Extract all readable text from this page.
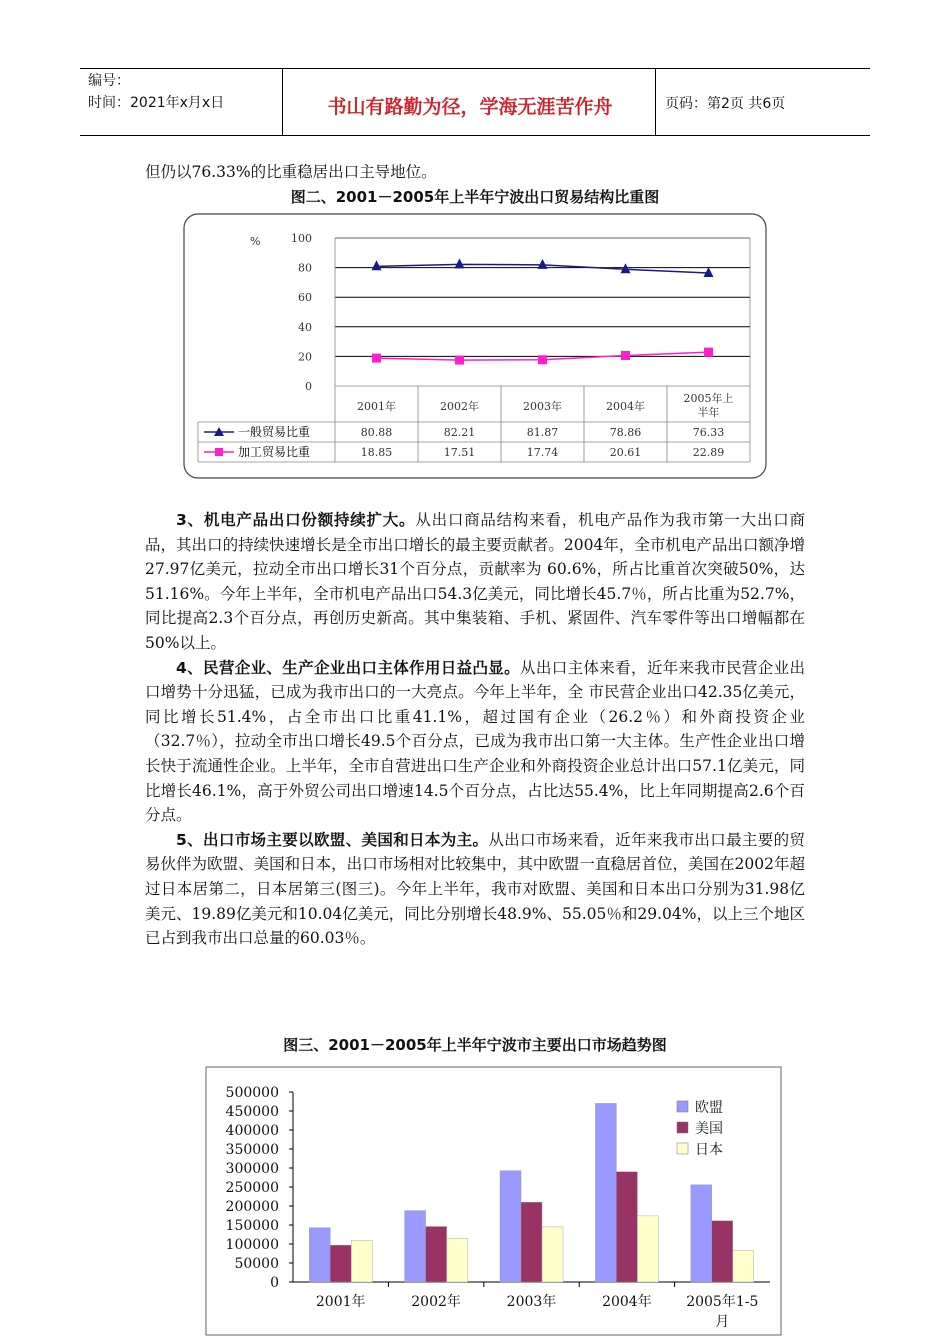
编号：
时间：2021年x月x日	书山有路勤为径，学海无涯苦作舟	页码：第2页 共6页

但仍以76.33%的比重稳居出口主导地位。

图二、2001－2005年上半年宁波出口贸易结构比重图
100
80
60
40
20
0
%
2001年	2002年	2003年	2004年
2005年上
半年
一般贸易比重	80.88	82.21	81.87	78.86	76.33
加工贸易比重	18.85	17.51	17.74	20.61	22.89

3、机电产品出口份额持续扩大。从出口商品结构来看，机电产品作为我市第一大出口商品，其出口的持续快速增长是全市出口增长的最主要贡献者。2004年，全市机电产品出口额净增27.97亿美元，拉动全市出口增长31个百分点，贡献率为 60.6%，所占比重首次突破50%，达51.16%。今年上半年，全市机电产品出口54.3亿美元，同比增长45.7％，所占比重为52.7%，同比提高2.3个百分点，再创历史新高。其中集装箱、手机、紧固件、汽车零件等出口增幅都在50%以上。

4、民营企业、生产企业出口主体作用日益凸显。从出口主体来看，近年来我市民营企业出口增势十分迅猛，已成为我市出口的一大亮点。今年上半年，全 市民营企业出口42.35亿美元，同比增长51.4%，占全市出口比重41.1%，超过国有企业（26.2％）和外商投资企业（32.7％），拉动全市出口增长49.5个百分点，已成为我市出口第一大主体。生产性企业出口增长快于流通性企业。上半年，全市自营进出口生产企业和外商投资企业总计出口57.1亿美元，同比增长46.1%，高于外贸公司出口增速14.5个百分点，占比达55.4%，比上年同期提高2.6个百分点。

5、出口市场主要以欧盟、美国和日本为主。从出口市场来看，近年来我市出口最主要的贸易伙伴为欧盟、美国和日本，出口市场相对比较集中，其中欧盟一直稳居首位，美国在2002年超过日本居第二，日本居第三(图三)。今年上半年，我市对欧盟、美国和日本出口分别为31.98亿美元、19.89亿美元和10.04亿美元，同比分别增长48.9%、55.05％和29.04%，以上三个地区已占到我市出口总量的60.03％。

图三、2001－2005年上半年宁波市主要出口市场趋势图
500000
450000
400000
350000
300000
250000
200000
150000
100000
50000
0
2001年	2002年	2003年	2004年 2005年1-5
月
欧盟
美国
日本
